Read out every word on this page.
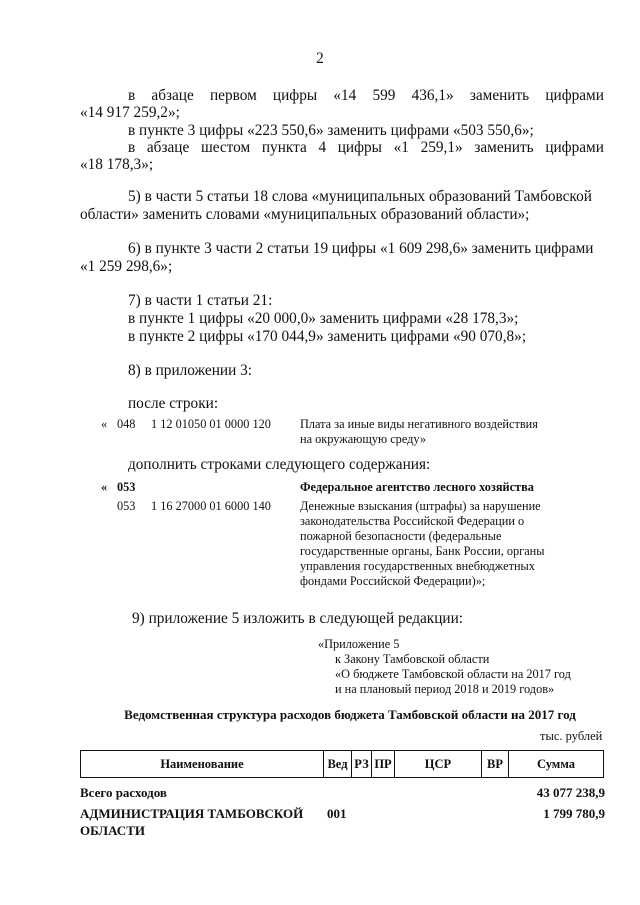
2
в абзаце первом цифры «14 599 436,1» заменить цифрами
«14 917 259,2»;
в пункте 3 цифры «223 550,6» заменить цифрами «503 550,6»;
в абзаце шестом пункта 4 цифры «1 259,1» заменить цифрами
«18 178,3»;
5) в части 5 статьи 18 слова «муниципальных образований Тамбовской
области» заменить словами «муниципальных образований области»;
6) в пункте 3 части 2 статьи 19 цифры «1 609 298,6» заменить цифрами
«1 259 298,6»;
7) в части 1 статьи 21:
в пункте 1 цифры «20 000,0» заменить цифрами «28 178,3»;
в пункте 2 цифры «170 044,9» заменить цифрами «90 070,8»;
8) в приложении 3:
после строки:
« 048 1 12 01050 01 0000 120 Плата за иные виды негативного воздействия
на окружающую среду»
дополнить строками следующего содержания:
« 053	Федеральное агентство лесного хозяйства
053 1 16 27000 01 6000 140 Денежные взыскания (штрафы) за нарушение
законодательства Российской Федерации о
пожарной безопасности (федеральные
государственные органы, Банк России, органы
управления государственных внебюджетных
фондами Российской Федерации)»;
9) приложение 5 изложить в следующей редакции:
«Приложение 5
к Закону Тамбовской области
«О бюджете Тамбовской области на 2017 год
и на плановый период 2018 и 2019 годов»
Ведомственная структура расходов бюджета Тамбовской области на 2017 год
тыс. рублей
Наименование	Вед	РЗ	ПР	ЦСР	ВР	Сумма
Всего расходов	43 077 238,9
АДМИНИСТРАЦИЯ ТАМБОВСКОЙ
ОБЛАСТИ
001	1 799 780,9
